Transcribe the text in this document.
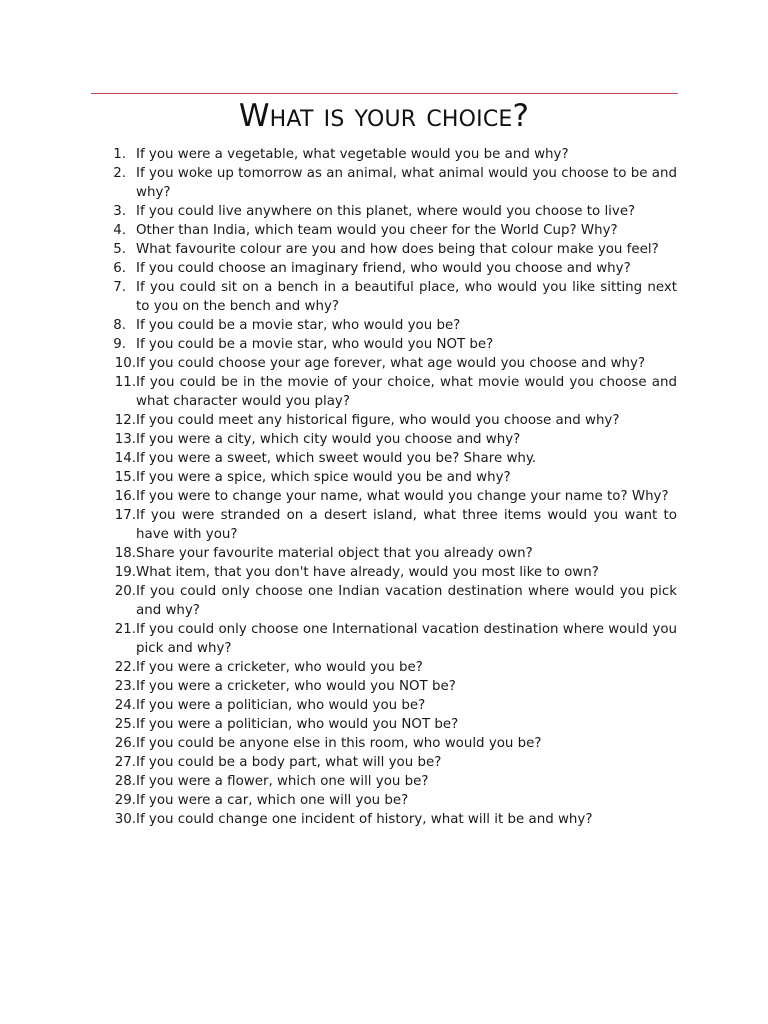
What is your choice?
1. If you were a vegetable, what vegetable would you be and why?
2. If you woke up tomorrow as an animal, what animal would you choose to be and why?
3. If you could live anywhere on this planet, where would you choose to live?
4. Other than India, which team would you cheer for the World Cup? Why?
5. What favourite colour are you and how does being that colour make you feel?
6. If you could choose an imaginary friend, who would you choose and why?
7. If you could sit on a bench in a beautiful place, who would you like sitting next to you on the bench and why?
8. If you could be a movie star, who would you be?
9. If you could be a movie star, who would you NOT be?
10. If you could choose your age forever, what age would you choose and why?
11. If you could be in the movie of your choice, what movie would you choose and what character would you play?
12. If you could meet any historical figure, who would you choose and why?
13. If you were a city, which city would you choose and why?
14. If you were a sweet, which sweet would you be? Share why.
15. If you were a spice, which spice would you be and why?
16. If you were to change your name, what would you change your name to? Why?
17. If you were stranded on a desert island, what three items would you want to have with you?
18. Share your favourite material object that you already own?
19. What item, that you don't have already, would you most like to own?
20. If you could only choose one Indian vacation destination where would you pick and why?
21. If you could only choose one International vacation destination where would you pick and why?
22. If you were a cricketer, who would you be?
23. If you were a cricketer, who would you NOT be?
24. If you were a politician, who would you be?
25. If you were a politician, who would you NOT be?
26. If you could be anyone else in this room, who would you be?
27. If you could be a body part, what will you be?
28. If you were a flower, which one will you be?
29. If you were a car, which one will you be?
30. If you could change one incident of history, what will it be and why?
